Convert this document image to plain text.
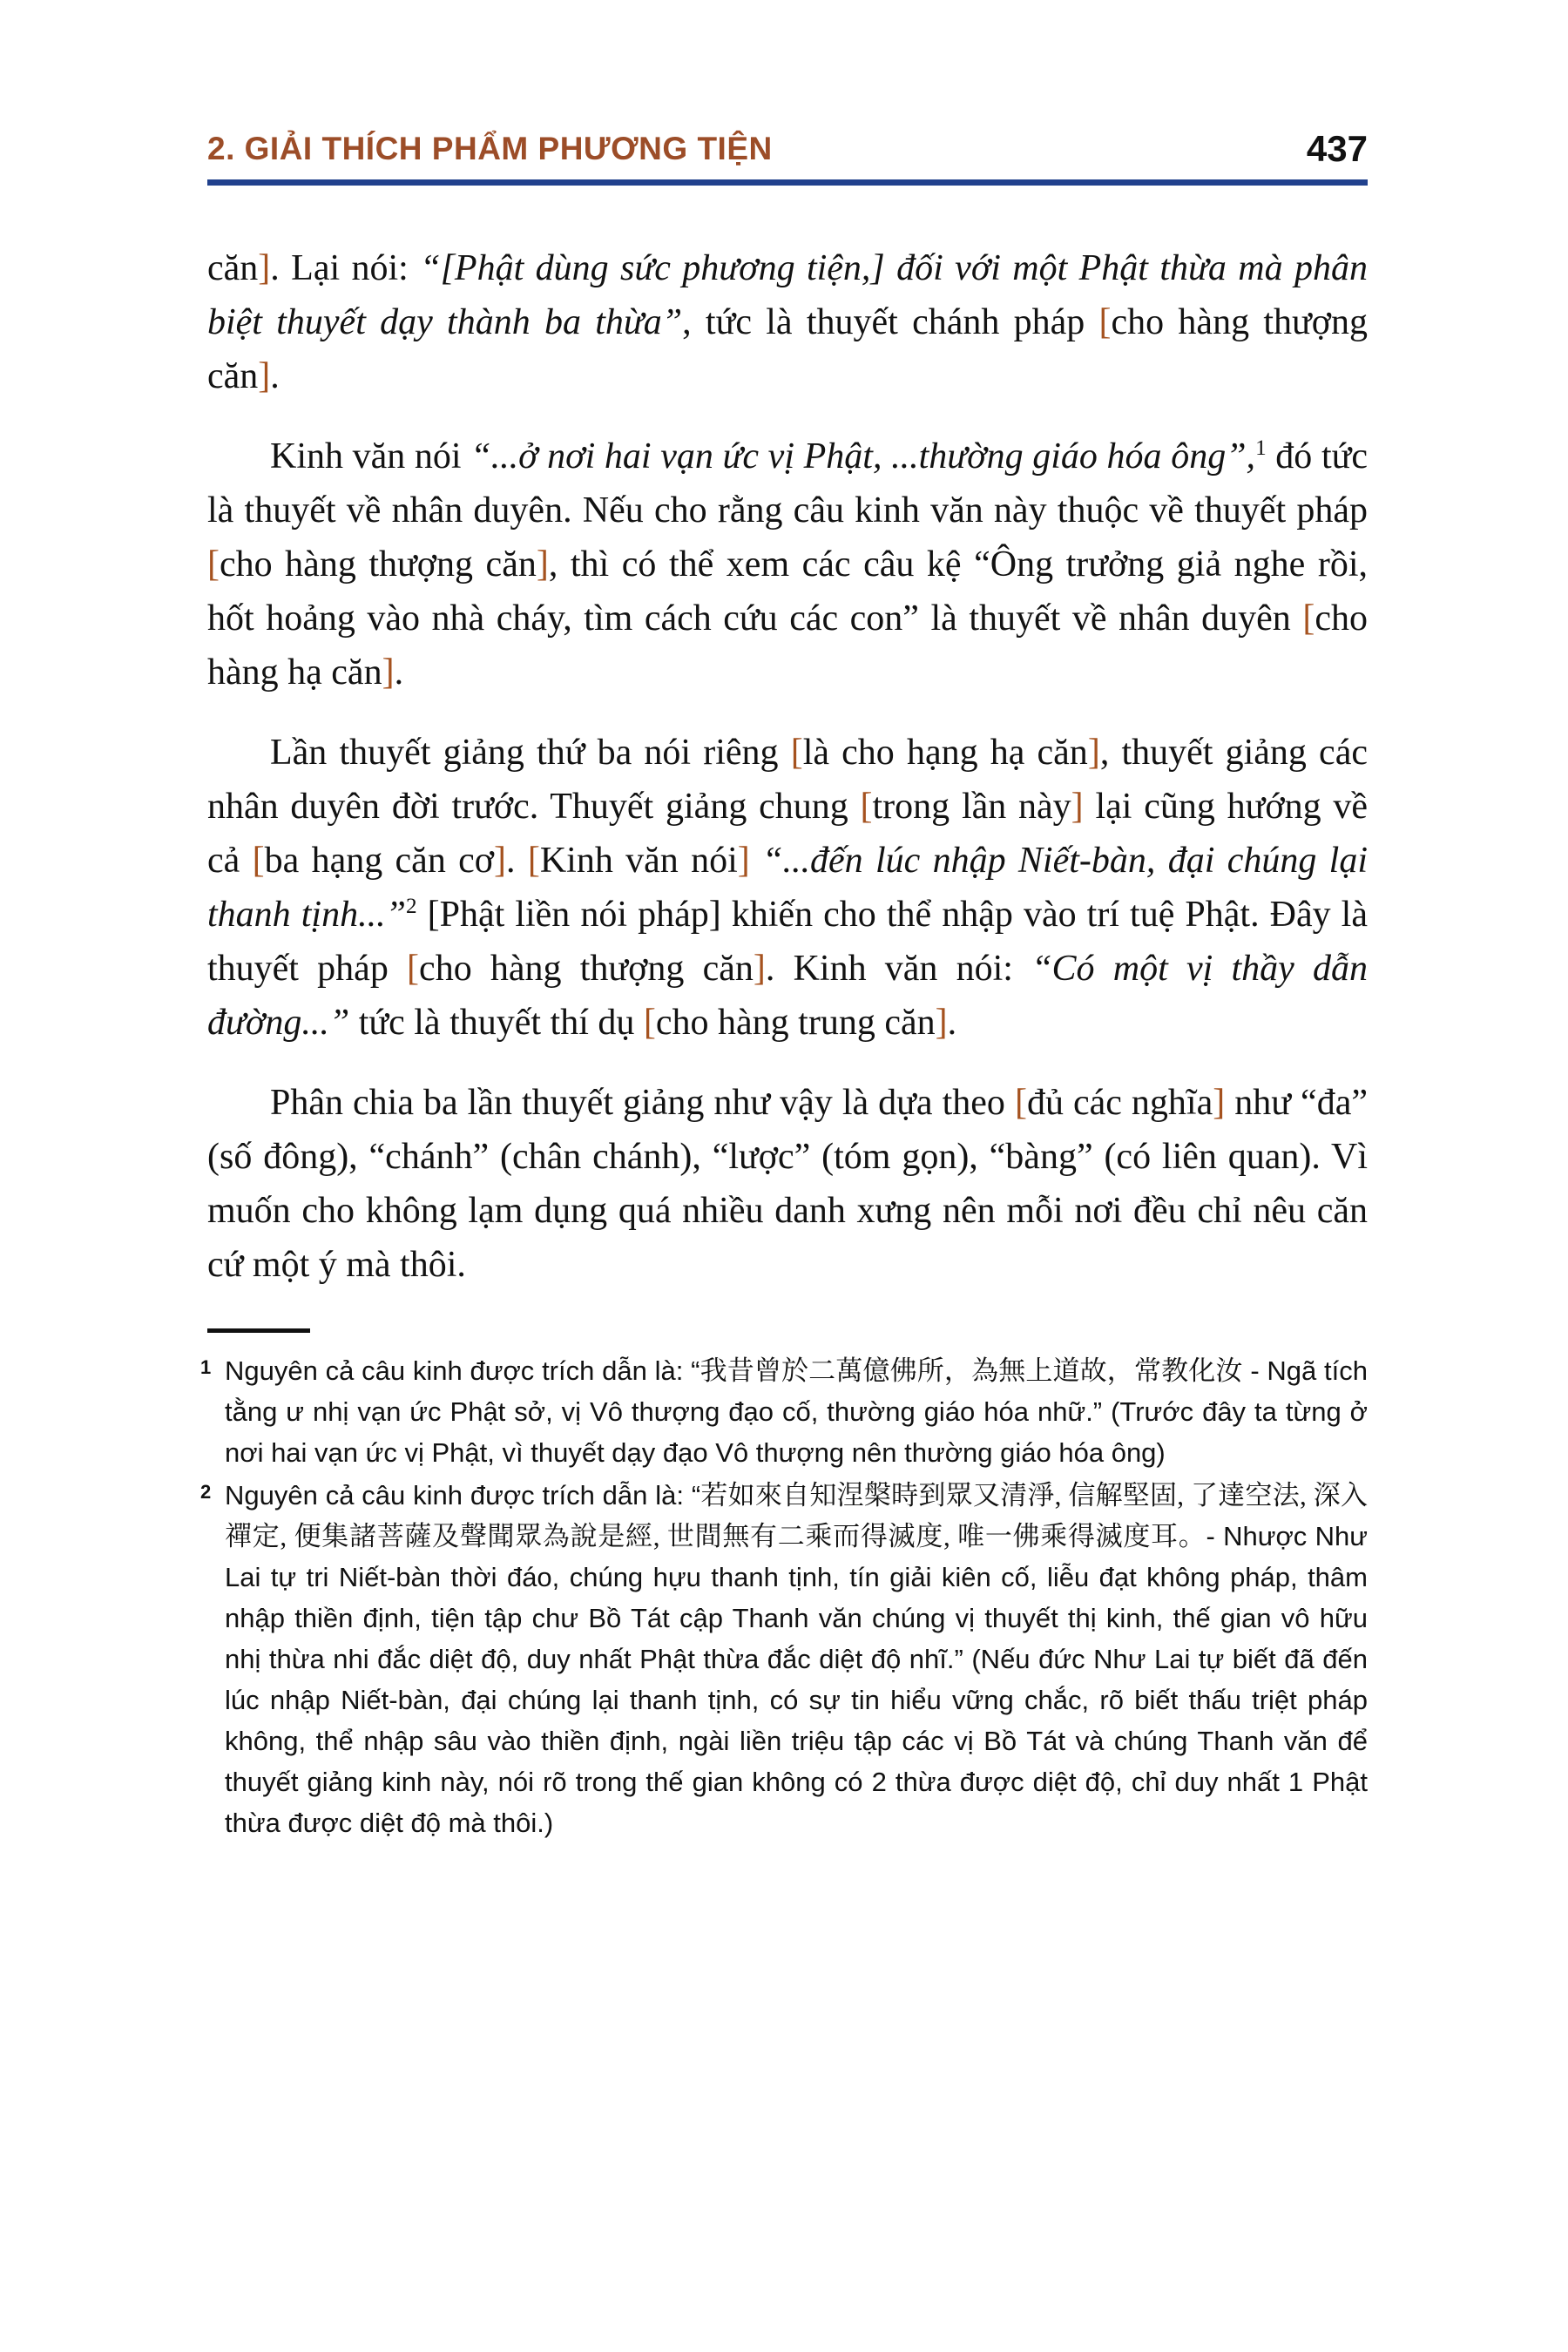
2. GIẢI THÍCH PHẨM PHƯƠNG TIỆN	437

căn]. Lại nói: “[Phật dùng sức phương tiện,] đối với một Phật thừa mà phân biệt thuyết dạy thành ba thừa”, tức là thuyết chánh pháp [cho hàng thượng căn].

Kinh văn nói “...ở nơi hai vạn ức vị Phật, ...thường giáo hóa ông”,$^1$ đó tức là thuyết về nhân duyên. Nếu cho rằng câu kinh văn này thuộc về thuyết pháp [cho hàng thượng căn], thì có thể xem các câu kệ “Ông trưởng giả nghe rồi, hốt hoảng vào nhà cháy, tìm cách cứu các con” là thuyết về nhân duyên [cho hàng hạ căn].

Lần thuyết giảng thứ ba nói riêng [là cho hạng hạ căn], thuyết giảng các nhân duyên đời trước. Thuyết giảng chung [trong lần này] lại cũng hướng về cả [ba hạng căn cơ]. [Kinh văn nói] “...đến lúc nhập Niết-bàn, đại chúng lại thanh tịnh...”$^2$ [Phật liền nói pháp] khiến cho thể nhập vào trí tuệ Phật. Đây là thuyết pháp [cho hàng thượng căn]. Kinh văn nói: “Có một vị thầy dẫn đường...” tức là thuyết thí dụ [cho hàng trung căn].

Phân chia ba lần thuyết giảng như vậy là dựa theo [đủ các nghĩa] như “đa” (số đông), “chánh” (chân chánh), “lược” (tóm gọn), “bàng” (có liên quan). Vì muốn cho không lạm dụng quá nhiều danh xưng nên mỗi nơi đều chỉ nêu căn cứ một ý mà thôi.

1 Nguyên cả câu kinh được trích dẫn là: “我昔曾於二萬億佛所，為無上道故，常教化汝 - Ngã tích tằng ư nhị vạn ức Phật sở, vị Vô thượng đạo cố, thường giáo hóa nhữ.” (Trước đây ta từng ở nơi hai vạn ức vị Phật, vì thuyết dạy đạo Vô thượng nên thường giáo hóa ông)
2 Nguyên cả câu kinh được trích dẫn là: “若如來自知涅槃時到眾又清淨, 信解堅固, 了達空法, 深入禪定, 便集諸菩薩及聲聞眾為說是經, 世間無有二乘而得滅度, 唯一佛乘得滅度耳。- Nhược Như Lai tự tri Niết-bàn thời đáo, chúng hựu thanh tịnh, tín giải kiên cố, liễu đạt không pháp, thâm nhập thiền định, tiện tập chư Bồ Tát cập Thanh văn chúng vị thuyết thị kinh, thế gian vô hữu nhị thừa nhi đắc diệt độ, duy nhất Phật thừa đắc diệt độ nhĩ.” (Nếu đức Như Lai tự biết đã đến lúc nhập Niết-bàn, đại chúng lại thanh tịnh, có sự tin hiểu vững chắc, rõ biết thấu triệt pháp không, thể nhập sâu vào thiền định, ngài liền triệu tập các vị Bồ Tát và chúng Thanh văn để thuyết giảng kinh này, nói rõ trong thế gian không có 2 thừa được diệt độ, chỉ duy nhất 1 Phật thừa được diệt độ mà thôi.)
